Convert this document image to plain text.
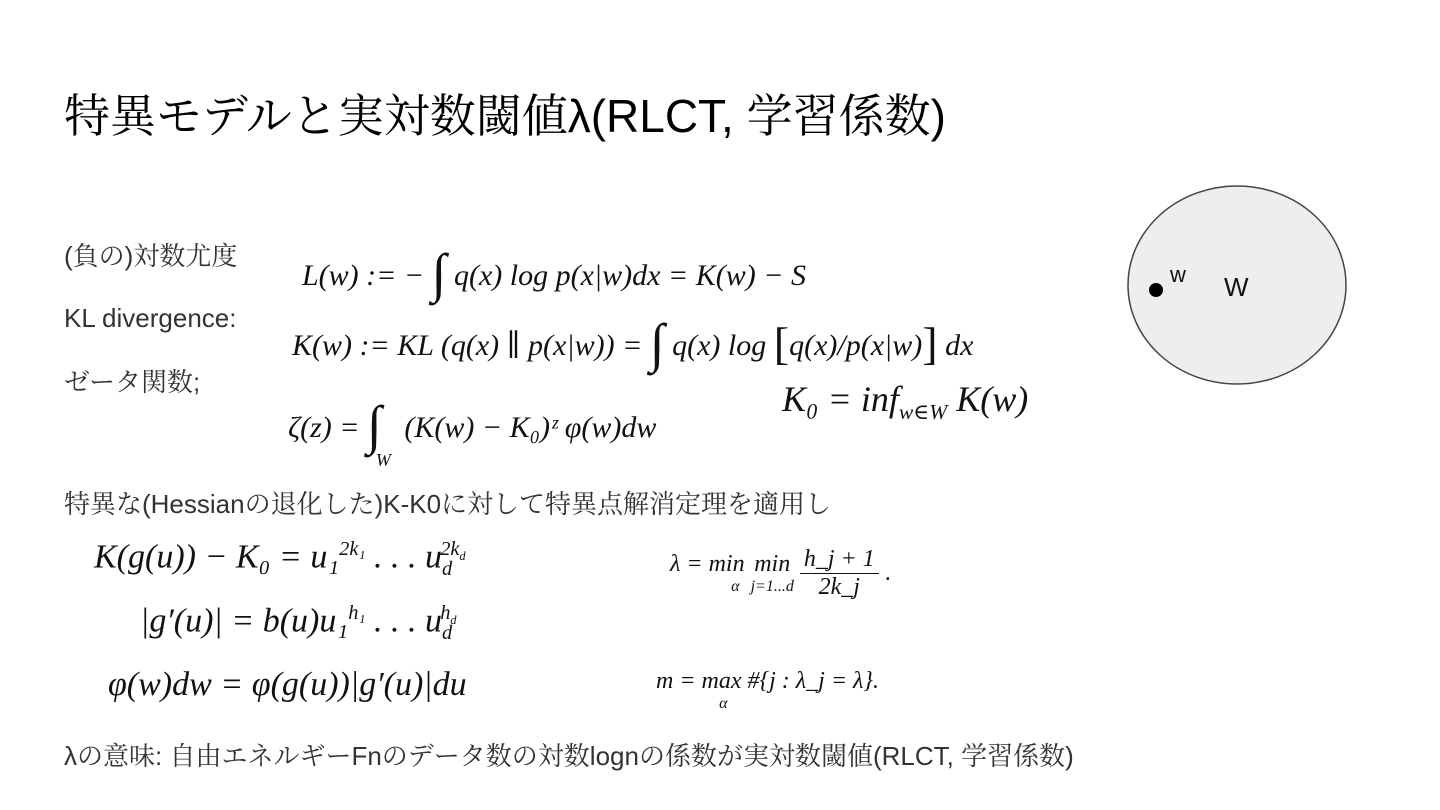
特異モデルと実対数閾値λ(RLCT, 学習係数)
(負の)対数尤度
L(w) := − ∫ q(x) log p(x|w)dx = K(w) − S
KL divergence:
K(w) := KL (q(x) ∥ p(x|w)) = ∫ q(x) log [q(x)/p(x|w)] dx
ゼータ関数;
$\zeta(z) = \int_W$ (K(w) − K₀)ᶻ φ(w)dw
K₀ = inf$_{w\in W}$ K(w)
w W
特異な(Hessianの退化した)K-K0に対して特異点解消定理を適用し
K(g(u)) − K₀ = u₁$^{2k_1}$ . . . $u_d^{2k_d}$
|g′(u)| = b(u)u₁$^{h_1}$ . . . $u_d^{h_d}$
φ(w)dw = φ(g(u))|g′(u)|du
λ = min
α
min
$j=1...d \frac{h\_j + 1}{2k\_j}$ .
m = max
α
#{j : λ_j = λ}.
λの意味: 自由エネルギーFnのデータ数の対数lognの係数が実対数閾値(RLCT, 学習係数)
